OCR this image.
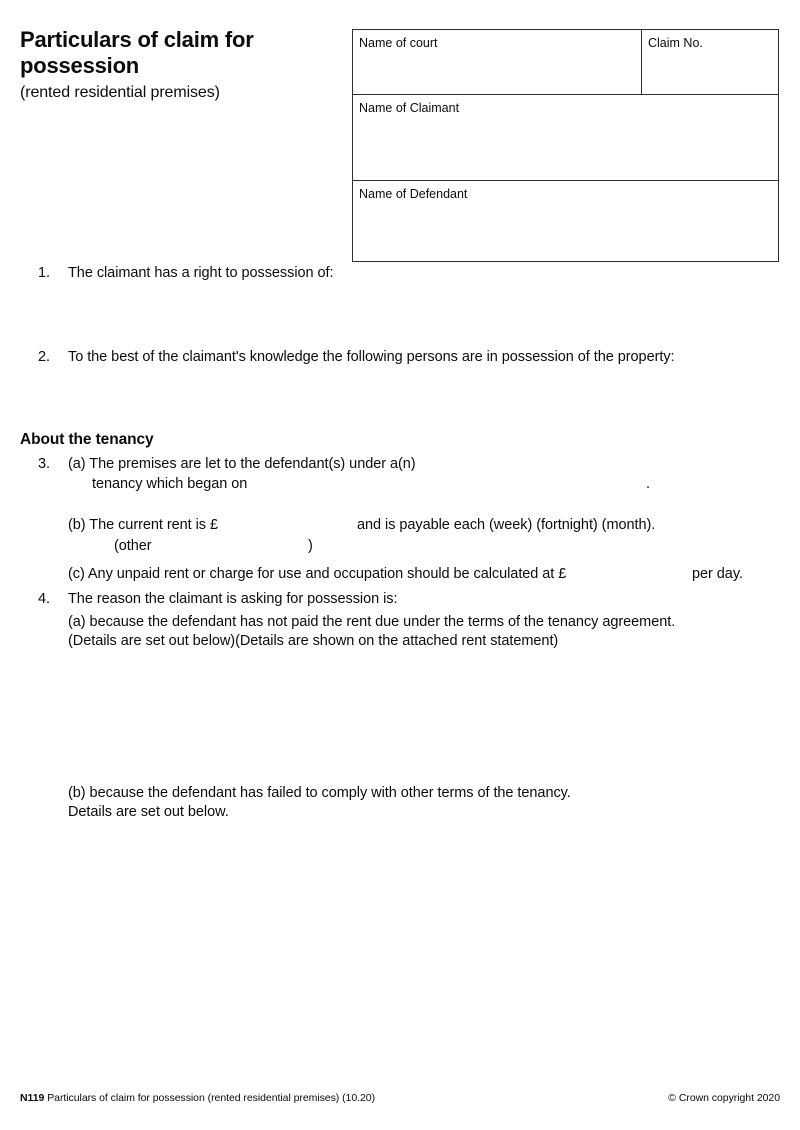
Particulars of claim for
possession
(rented residential premises)
Name of court	Claim No.
Name of Claimant
Name of Defendant
1.	The claimant has a right to possession of:
2.	To the best of the claimant's knowledge the following persons are in possession of the property:
About the tenancy
3. (a) The premises are let to the defendant(s) under a(n)
tenancy which began on	.
(b) The current rent is £	and is payable each (week) (fortnight) (month).
(other	)
(c) Any unpaid rent or charge for use and occupation should be calculated at £	per day.
4.	The reason the claimant is asking for possession is:
(a) because the defendant has not paid the rent due under the terms of the tenancy agreement.
(Details are set out below)(Details are shown on the attached rent statement)
(b) because the defendant has failed to comply with other terms of the tenancy.
Details are set out below.
N119 Particulars of claim for possession (rented residential premises) (10.20)	© Crown copyright 2020
